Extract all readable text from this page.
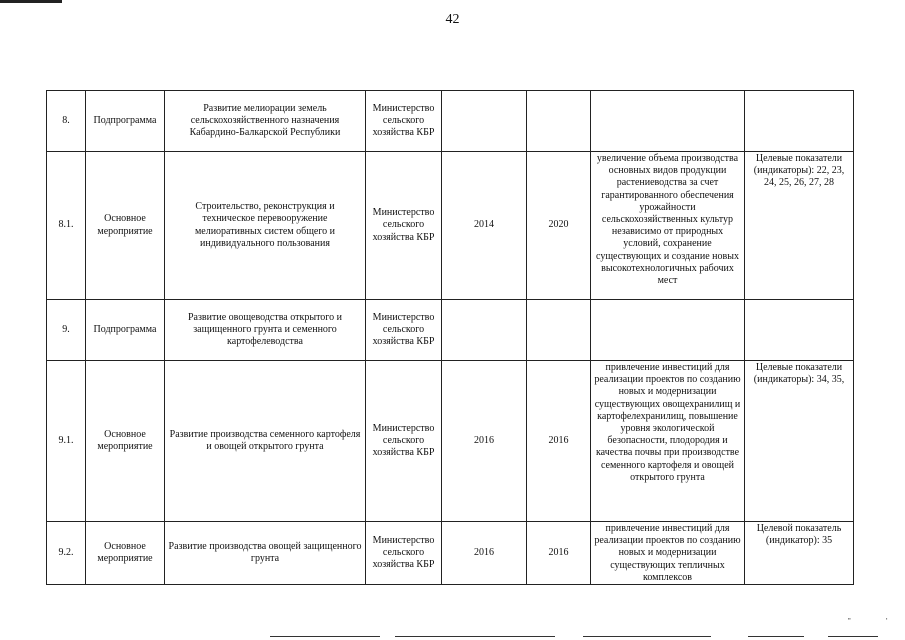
42
8.	Подпрограмма	Развитие мелиорации земель сельскохозяйственного назначения Кабардино-Балкарской Республики	Министерство сельского хозяйства КБР				
8.1.	Основное мероприятие	Строительство, реконструкция и техническое перевооружение мелиоративных систем общего и индивидуального пользования	Министерство сельского хозяйства КБР	2014	2020	увеличение объема производства основных видов продукции растениеводства за счет гарантированного обеспечения урожайности сельскохозяйственных культур независимо от природных условий, сохранение существующих и создание новых высокотехнологичных рабочих мест	Целевые показатели (индикаторы): 22, 23, 24, 25, 26, 27, 28
9.	Подпрограмма	Развитие овощеводства открытого и защищенного грунта и семенного картофелеводства	Министерство сельского хозяйства КБР				
9.1.	Основное мероприятие	Развитие производства семенного картофеля и овощей открытого грунта	Министерство сельского хозяйства КБР	2016	2016	привлечение инвестиций для реализации проектов по созданию новых и модернизации существующих овощехранилищ и картофелехранилищ, повышение уровня экологической безопасности, плодородия и качества почвы при производстве семенного картофеля и овощей открытого грунта	Целевые показатели (индикаторы): 34, 35,
9.2.	Основное мероприятие	Развитие производства овощей защищенного грунта	Министерство сельского хозяйства КБР	2016	2016	привлечение инвестиций для реализации проектов по созданию новых и модернизации существующих тепличных комплексов	Целевой показатель (индикатор): 35
▪▪	▪
